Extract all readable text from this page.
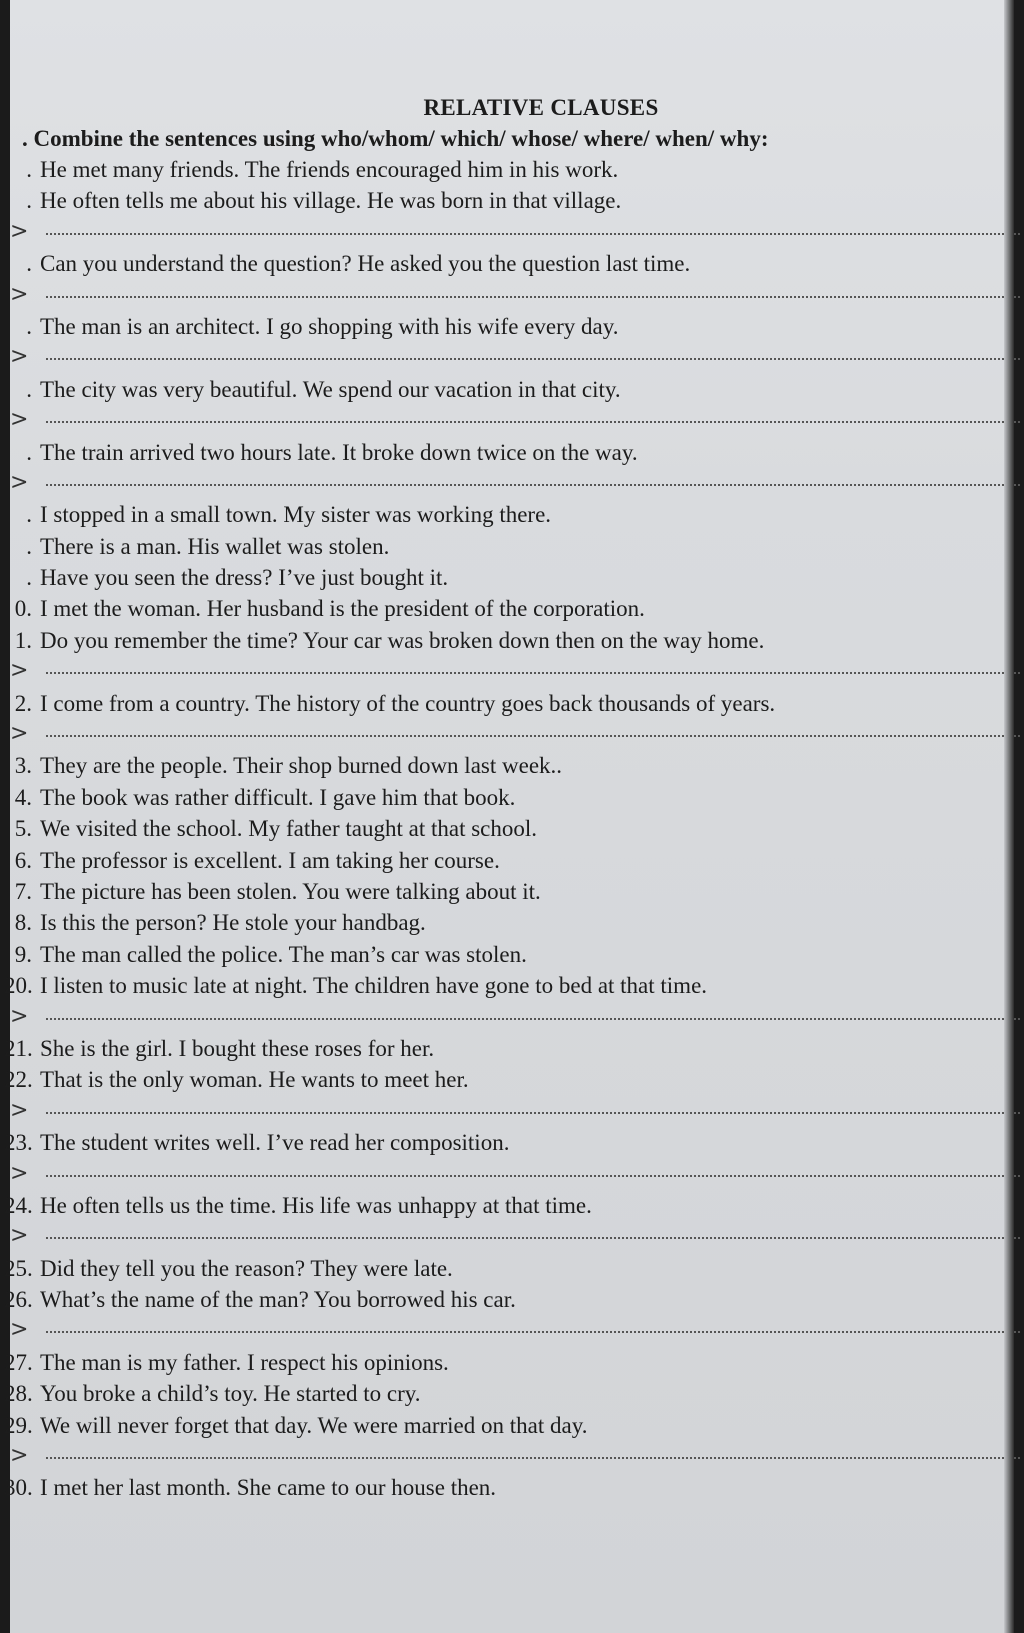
RELATIVE CLAUSES
. Combine the sentences using who/whom/ which/ whose/ where/ when/ why:
. He met many friends. The friends encouraged him in his work.
. He often tells me about his village. He was born in that village.
>
. Can you understand the question? He asked you the question last time.
>
. The man is an architect. I go shopping with his wife every day.
>
. The city was very beautiful. We spend our vacation in that city.
>
. The train arrived two hours late. It broke down twice on the way.
>
. I stopped in a small town. My sister was working there.
. There is a man. His wallet was stolen.
. Have you seen the dress? I’ve just bought it.
0. I met the woman. Her husband is the president of the corporation.
1. Do you remember the time? Your car was broken down then on the way home.
>
2. I come from a country. The history of the country goes back thousands of years.
>
3. They are the people. Their shop burned down last week..
4. The book was rather difficult. I gave him that book.
5. We visited the school. My father taught at that school.
6. The professor is excellent. I am taking her course.
7. The picture has been stolen. You were talking about it.
8. Is this the person? He stole your handbag.
9. The man called the police. The man’s car was stolen.
20. I listen to music late at night. The children have gone to bed at that time.
>
21. She is the girl. I bought these roses for her.
22. That is the only woman. He wants to meet her.
>
23. The student writes well. I’ve read her composition.
>
24. He often tells us the time. His life was unhappy at that time.
>
25. Did they tell you the reason? They were late.
26. What’s the name of the man? You borrowed his car.
>
27. The man is my father. I respect his opinions.
28. You broke a child’s toy. He started to cry.
29. We will never forget that day. We were married on that day.
>
30. I met her last month. She came to our house then.
